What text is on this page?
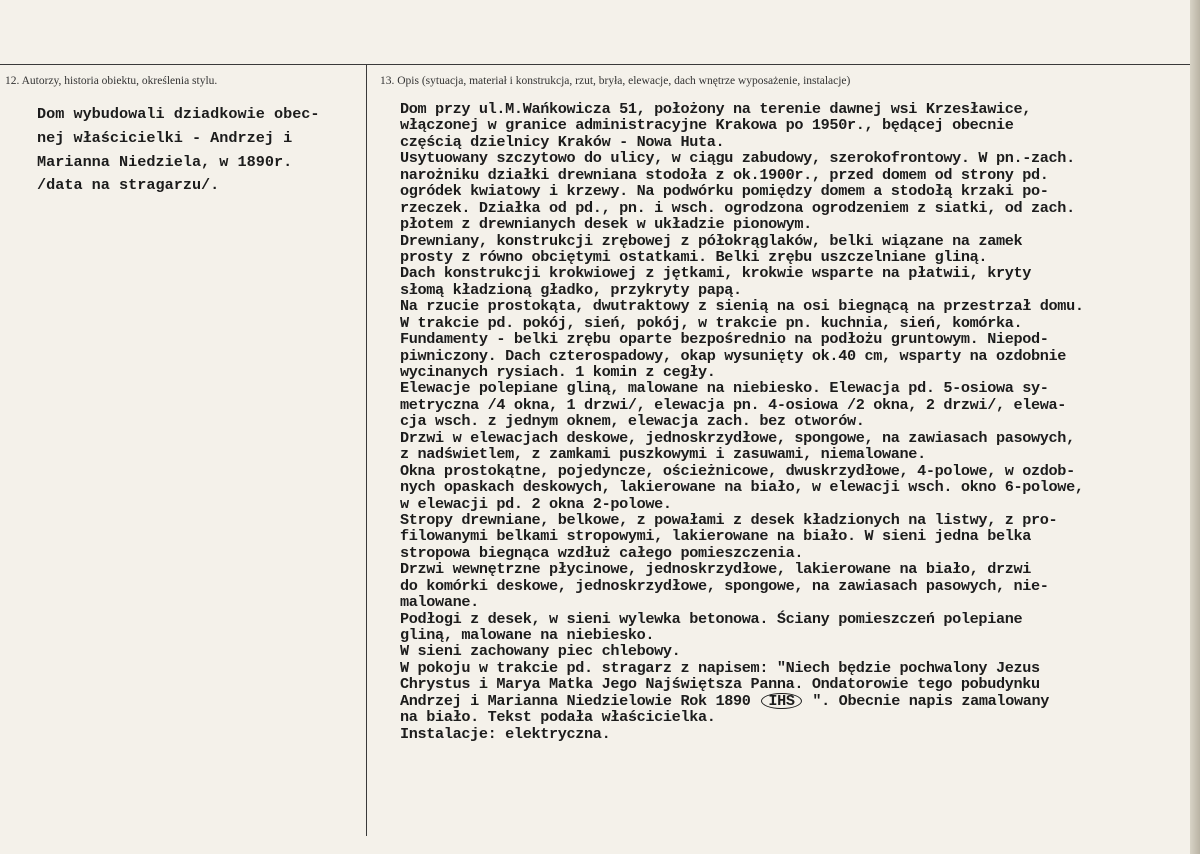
12. Autorzy, historia obiektu, określenia stylu.	13. Opis (sytuacja, materiał i konstrukcja, rzut, bryła, elewacje, dach wnętrze wyposażenie, instalacje)
Dom wybudowali dziadkowie obec-
nej właścicielki - Andrzej i
Marianna Niedziela, w 1890r.
/data na stragarzu/.
Dom przy ul.M.Wańkowicza 51, położony na terenie dawnej wsi Krzesławice,
włączonej w granice administracyjne Krakowa po 1950r., będącej obecnie
częścią dzielnicy Kraków - Nowa Huta.
Usytuowany szczytowo do ulicy, w ciągu zabudowy, szerokofrontowy. W pn.-zach.
narożniku działki drewniana stodoła z ok.1900r., przed domem od strony pd.
ogródek kwiatowy i krzewy. Na podwórku pomiędzy domem a stodołą krzaki po-
rzeczek. Działka od pd., pn. i wsch. ogrodzona ogrodzeniem z siatki, od zach.
płotem z drewnianych desek w układzie pionowym.
Drewniany, konstrukcji zrębowej z półokrąglaków, belki wiązane na zamek
prosty z równo obciętymi ostatkami. Belki zrębu uszczelniane gliną.
Dach konstrukcji krokwiowej z jętkami, krokwie wsparte na płatwii, kryty
słomą kładzioną gładko, przykryty papą.
Na rzucie prostokąta, dwutraktowy z sienią na osi biegnącą na przestrzał domu.
W trakcie pd. pokój, sień, pokój, w trakcie pn. kuchnia, sień, komórka.
Fundamenty - belki zrębu oparte bezpośrednio na podłożu gruntowym. Niepod-
piwniczony. Dach czterospadowy, okap wysunięty ok.40 cm, wsparty na ozdobnie
wycinanych rysiach. 1 komin z cegły.
Elewacje polepiane gliną, malowane na niebiesko. Elewacja pd. 5-osiowa sy-
metryczna /4 okna, 1 drzwi/, elewacja pn. 4-osiowa /2 okna, 2 drzwi/, elewa-
cja wsch. z jednym oknem, elewacja zach. bez otworów.
Drzwi w elewacjach deskowe, jednoskrzydłowe, spongowe, na zawiasach pasowych,
z nadświetlem, z zamkami puszkowymi i zasuwami, niemalowane.
Okna prostokątne, pojedyncze, ościeżnicowe, dwuskrzydłowe, 4-polowe, w ozdob-
nych opaskach deskowych, lakierowane na biało, w elewacji wsch. okno 6-polowe,
w elewacji pd. 2 okna 2-polowe.
Stropy drewniane, belkowe, z powałami z desek kładzionych na listwy, z pro-
filowanymi belkami stropowymi, lakierowane na biało. W sieni jedna belka
stropowa biegnąca wzdłuż całego pomieszczenia.
Drzwi wewnętrzne płycinowe, jednoskrzydłowe, lakierowane na biało, drzwi
do komórki deskowe, jednoskrzydłowe, spongowe, na zawiasach pasowych, nie-
malowane.
Podłogi z desek, w sieni wylewka betonowa. Ściany pomieszczeń polepiane
gliną, malowane na niebiesko.
W sieni zachowany piec chlebowy.
W pokoju w trakcie pd. stragarz z napisem: "Niech będzie pochwalony Jezus
Chrystus i Marya Matka Jego Najświętsza Panna. Ondatorowie tego pobudynku
Andrzej i Marianna Niedzielowie Rok 1890 IHS ". Obecnie napis zamalowany
na biało. Tekst podała właścicielka.
Instalacje: elektryczna.
